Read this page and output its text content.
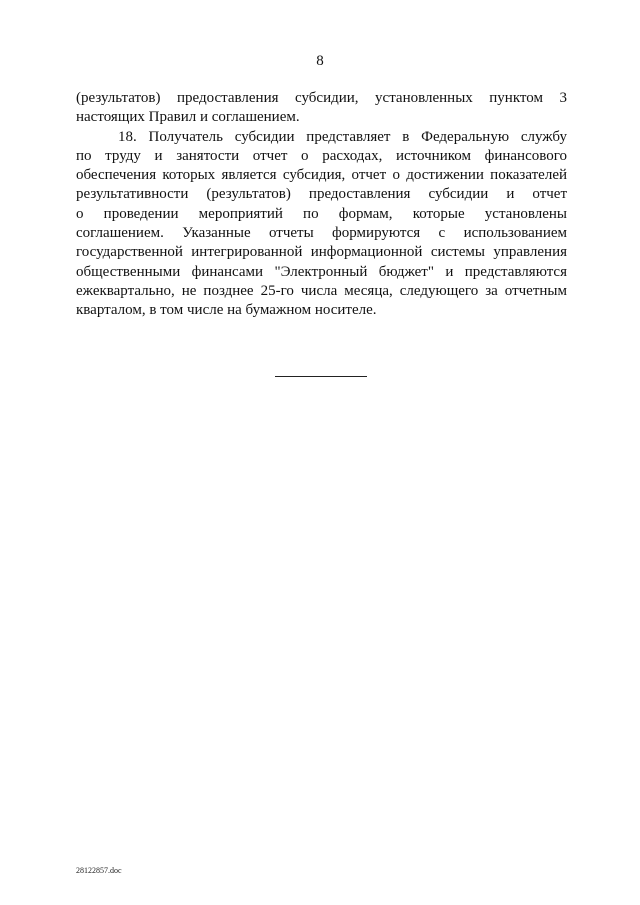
8
(результатов) предоставления субсидии, установленных пунктом 3
настоящих Правил и соглашением.
18. Получатель субсидии представляет в Федеральную службу
по труду и занятости отчет о расходах, источником финансового
обеспечения которых является субсидия, отчет о достижении показателей
результативности (результатов) предоставления субсидии и отчет
о проведении мероприятий по формам, которые установлены
соглашением. Указанные отчеты формируются с использованием
государственной интегрированной информационной системы управления
общественными финансами "Электронный бюджет" и представляются
ежеквартально, не позднее 25-го числа месяца, следующего за отчетным
кварталом, в том числе на бумажном носителе.
28122857.doc
